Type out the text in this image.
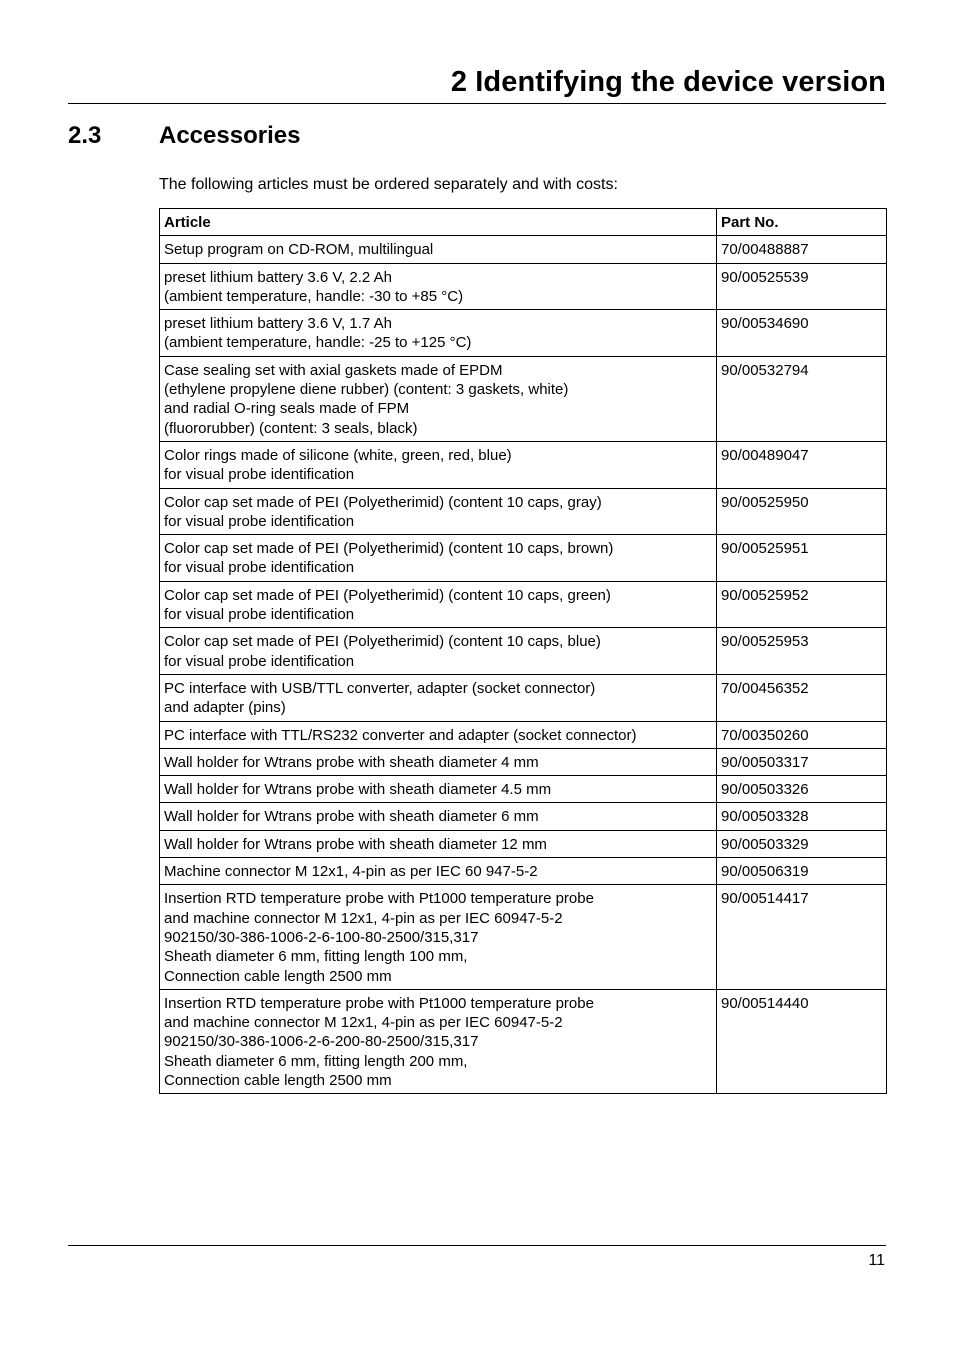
2 Identifying the device version
2.3 Accessories
The following articles must be ordered separately and with costs:
Article	Part No.
Setup program on CD-ROM, multilingual	70/00488887
preset lithium battery 3.6 V, 2.2 Ah
(ambient temperature, handle: -30 to +85 °C)	90/00525539
preset lithium battery 3.6 V, 1.7 Ah
(ambient temperature, handle: -25 to +125 °C)	90/00534690
Case sealing set with axial gaskets made of EPDM
(ethylene propylene diene rubber) (content: 3 gaskets, white)
and radial O-ring seals made of FPM
(fluororubber) (content: 3 seals, black)	90/00532794
Color rings made of silicone (white, green, red, blue)
for visual probe identification	90/00489047
Color cap set made of PEI (Polyetherimid) (content 10 caps, gray)
for visual probe identification	90/00525950
Color cap set made of PEI (Polyetherimid) (content 10 caps, brown)
for visual probe identification	90/00525951
Color cap set made of PEI (Polyetherimid) (content 10 caps, green)
for visual probe identification	90/00525952
Color cap set made of PEI (Polyetherimid) (content 10 caps, blue)
for visual probe identification	90/00525953
PC interface with USB/TTL converter, adapter (socket connector)
and adapter (pins)	70/00456352
PC interface with TTL/RS232 converter and adapter (socket connector)	70/00350260
Wall holder for Wtrans probe with sheath diameter 4 mm	90/00503317
Wall holder for Wtrans probe with sheath diameter 4.5 mm	90/00503326
Wall holder for Wtrans probe with sheath diameter 6 mm	90/00503328
Wall holder for Wtrans probe with sheath diameter 12 mm	90/00503329
Machine connector M 12x1, 4-pin as per IEC 60 947-5-2	90/00506319
Insertion RTD temperature probe with Pt1000 temperature probe
and machine connector M 12x1, 4-pin as per IEC 60947-5-2
902150/30-386-1006-2-6-100-80-2500/315,317
Sheath diameter 6 mm, fitting length 100 mm,
Connection cable length 2500 mm	90/00514417
Insertion RTD temperature probe with Pt1000 temperature probe
and machine connector M 12x1, 4-pin as per IEC 60947-5-2
902150/30-386-1006-2-6-200-80-2500/315,317
Sheath diameter 6 mm, fitting length 200 mm,
Connection cable length 2500 mm	90/00514440
11
